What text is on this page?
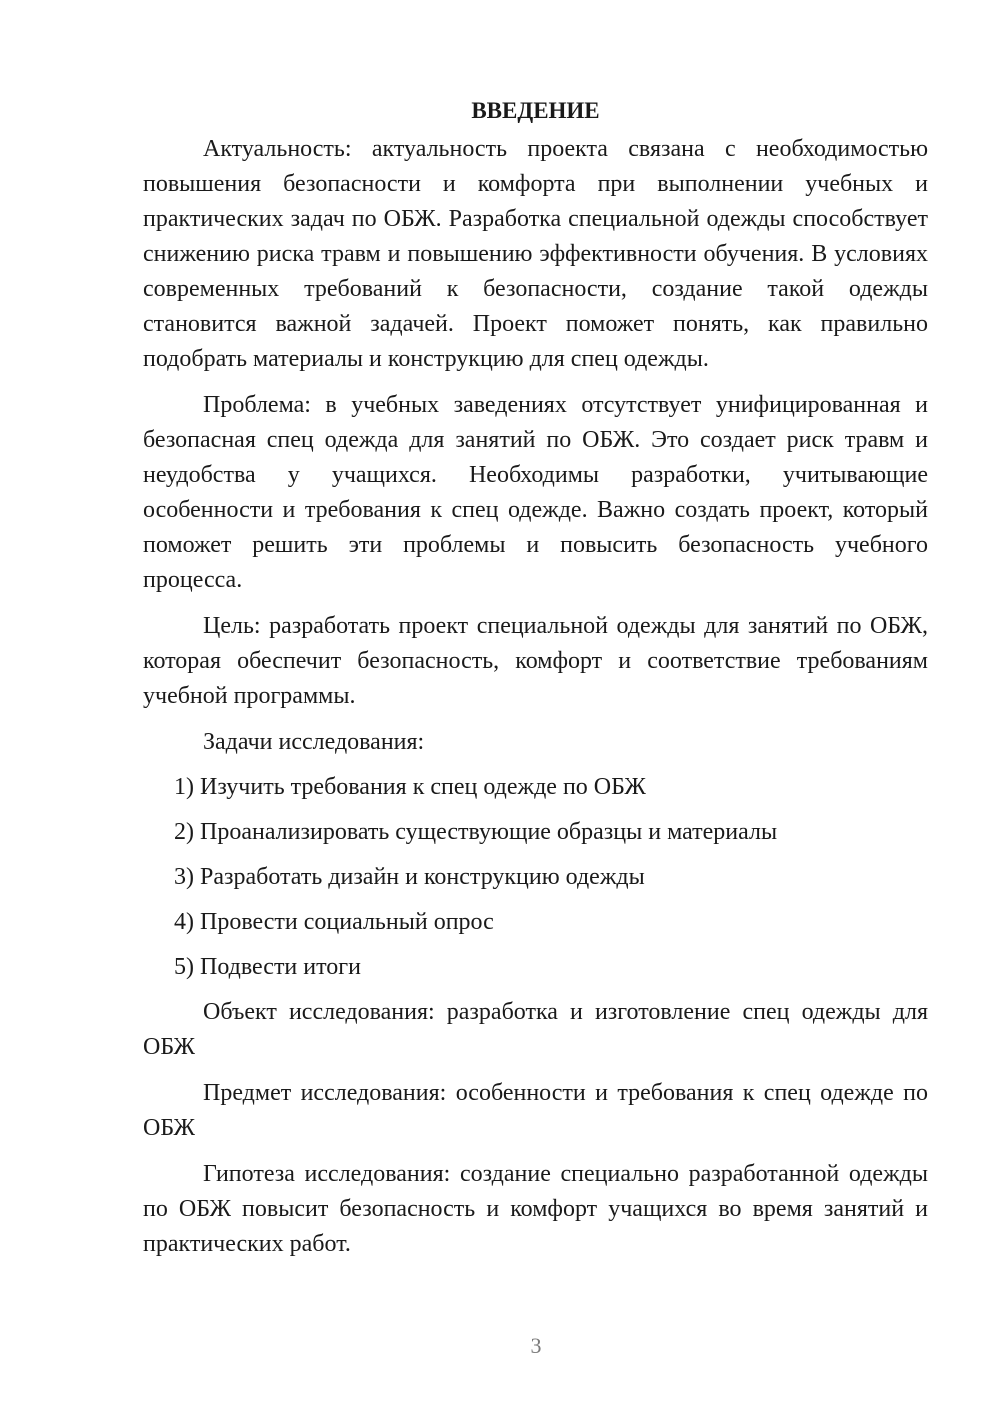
ВВЕДЕНИЕ

Актуальность: актуальность проекта связана с необходимостью повышения безопасности и комфорта при выполнении учебных и практических задач по ОБЖ. Разработка специальной одежды способствует снижению риска травм и повышению эффективности обучения. В условиях современных требований к безопасности, создание такой одежды становится важной задачей. Проект поможет понять, как правильно подобрать материалы и конструкцию для спец одежды.

Проблема: в учебных заведениях отсутствует унифицированная и безопасная спец одежда для занятий по ОБЖ. Это создает риск травм и неудобства у учащихся. Необходимы разработки, учитывающие особенности и требования к спец одежде. Важно создать проект, который поможет решить эти проблемы и повысить безопасность учебного процесса.

Цель: разработать проект специальной одежды для занятий по ОБЖ, которая обеспечит безопасность, комфорт и соответствие требованиям учебной программы.

Задачи исследования:

1) Изучить требования к спец одежде по ОБЖ
2) Проанализировать существующие образцы и материалы
3) Разработать дизайн и конструкцию одежды
4) Провести социальный опрос
5) Подвести итоги

Объект исследования: разработка и изготовление спец одежды для ОБЖ

Предмет исследования: особенности и требования к спец одежде по ОБЖ

Гипотеза исследования: создание специально разработанной одежды по ОБЖ повысит безопасность и комфорт учащихся во время занятий и практических работ.

3
